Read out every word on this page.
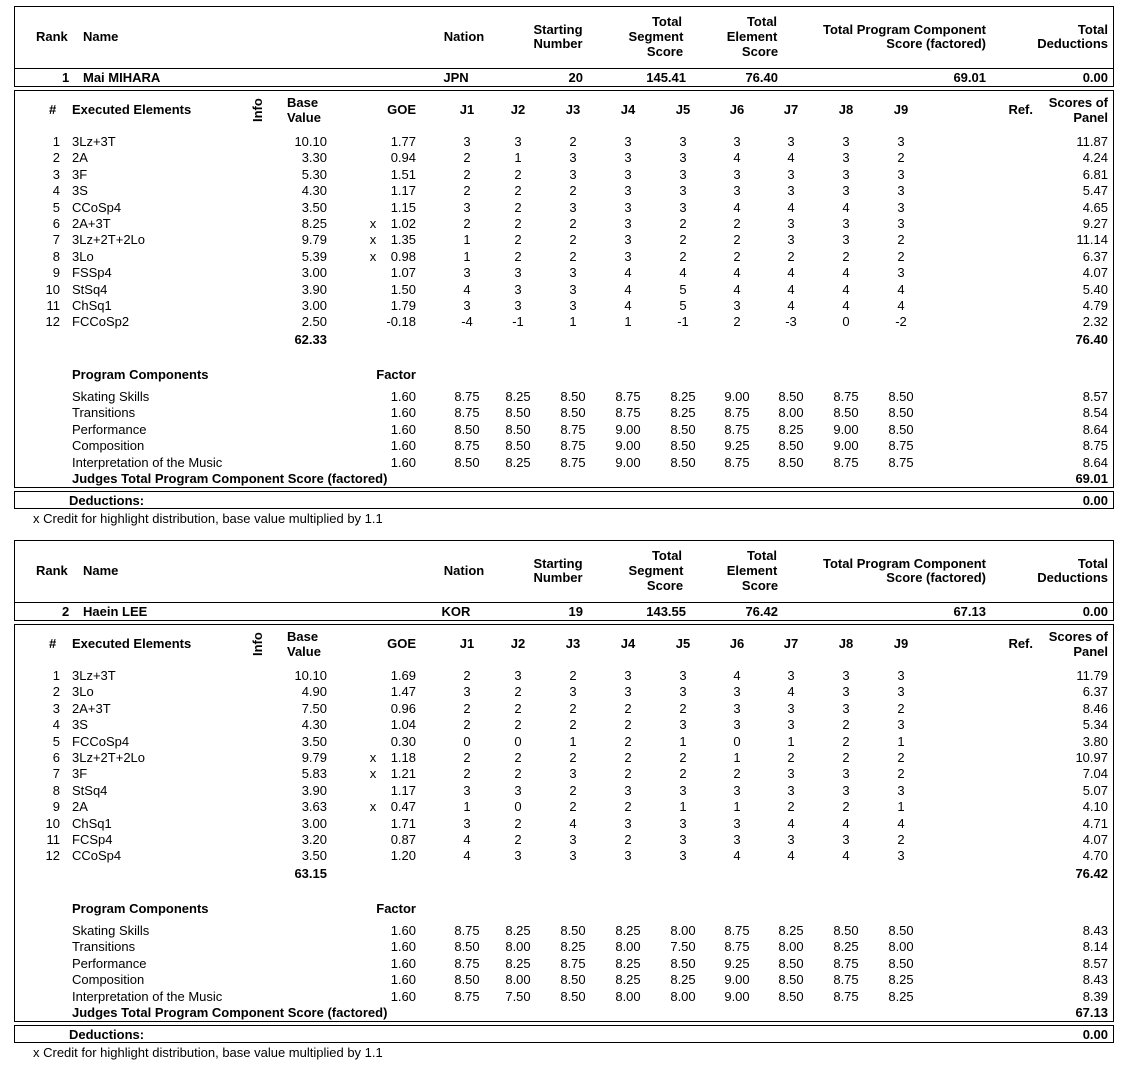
Rank Name	Nation	Starting
Number
Total
Segment
Score
Total
Element
Score
Total Program Component
Score (factored)
Total
Deductions
1 Mai MIHARA	JPN	20	145.41	76.40	69.01	0.00
# Executed Elements	Info Base
Value
GOE	J1	J2	J3	J4	J5	J6	J7	J8	J9	Ref.	Scores of
Panel
1 3Lz+3T	10.10	1.77	3	3	2	3	3	3	3	3	3	11.87
2 2A	3.30	0.94	2	1	3	3	3	4	4	3	2	4.24
3 3F	5.30	1.51	2	2	3	3	3	3	3	3	3	6.81
4 3S	4.30	1.17	2	2	2	3	3	3	3	3	3	5.47
5 CCoSp4	3.50	1.15	3	2	3	3	3	4	4	4	3	4.65
6 2A+3T	8.25	x	1.02	2	2	2	3	2	2	3	3	3	9.27
7 3Lz+2T+2Lo	9.79	x	1.35	1	2	2	3	2	2	3	3	2	11.14
8 3Lo	5.39	x	0.98	1	2	2	3	2	2	2	2	2	6.37
9 FSSp4	3.00	1.07	3	3	3	4	4	4	4	4	3	4.07
10 StSq4	3.90	1.50	4	3	3	4	5	4	4	4	4	5.40
11 ChSq1	3.00	1.79	3	3	3	4	5	3	4	4	4	4.79
12 FCCoSp2	2.50	-0.18	-4	-1	1	1	-1	2	-3	0	-2	2.32
62.33	76.40
Program Components	Factor
Skating Skills	1.60	8.75	8.25	8.50	8.75	8.25	9.00	8.50	8.75	8.50	8.57
Transitions	1.60	8.75	8.50	8.50	8.75	8.25	8.75	8.00	8.50	8.50	8.54
Performance	1.60	8.50	8.50	8.75	9.00	8.50	8.75	8.25	9.00	8.50	8.64
Composition	1.60	8.75	8.50	8.75	9.00	8.50	9.25	8.50	9.00	8.75	8.75
Interpretation of the Music	1.60	8.50	8.25	8.75	9.00	8.50	8.75	8.50	8.75	8.75	8.64
Judges Total Program Component Score (factored)	69.01
Deductions:	0.00
x Credit for highlight distribution, base value multiplied by 1.1
Rank Name	Nation	Starting
Number
Total
Segment
Score
Total
Element
Score
Total Program Component
Score (factored)
Total
Deductions
2 Haein LEE	KOR	19	143.55	76.42	67.13	0.00
# Executed Elements	Info Base
Value
GOE	J1	J2	J3	J4	J5	J6	J7	J8	J9	Ref.	Scores of
Panel
1 3Lz+3T	10.10	1.69	2	3	2	3	3	4	3	3	3	11.79
2 3Lo	4.90	1.47	3	2	3	3	3	3	4	3	3	6.37
3 2A+3T	7.50	0.96	2	2	2	2	2	3	3	3	2	8.46
4 3S	4.30	1.04	2	2	2	2	3	3	3	2	3	5.34
5 FCCoSp4	3.50	0.30	0	0	1	2	1	0	1	2	1	3.80
6 3Lz+2T+2Lo	9.79	x	1.18	2	2	2	2	2	1	2	2	2	10.97
7 3F	5.83	x	1.21	2	2	3	2	2	2	3	3	2	7.04
8 StSq4	3.90	1.17	3	3	2	3	3	3	3	3	3	5.07
9 2A	3.63	x	0.47	1	0	2	2	1	1	2	2	1	4.10
10 ChSq1	3.00	1.71	3	2	4	3	3	3	4	4	4	4.71
11 FCSp4	3.20	0.87	4	2	3	2	3	3	3	3	2	4.07
12 CCoSp4	3.50	1.20	4	3	3	3	3	4	4	4	3	4.70
63.15	76.42
Program Components	Factor
Skating Skills	1.60	8.75	8.25	8.50	8.25	8.00	8.75	8.25	8.50	8.50	8.43
Transitions	1.60	8.50	8.00	8.25	8.00	7.50	8.75	8.00	8.25	8.00	8.14
Performance	1.60	8.75	8.25	8.75	8.25	8.50	9.25	8.50	8.75	8.50	8.57
Composition	1.60	8.50	8.00	8.50	8.25	8.25	9.00	8.50	8.75	8.25	8.43
Interpretation of the Music	1.60	8.75	7.50	8.50	8.00	8.00	9.00	8.50	8.75	8.25	8.39
Judges Total Program Component Score (factored)	67.13
Deductions:	0.00
x Credit for highlight distribution, base value multiplied by 1.1
